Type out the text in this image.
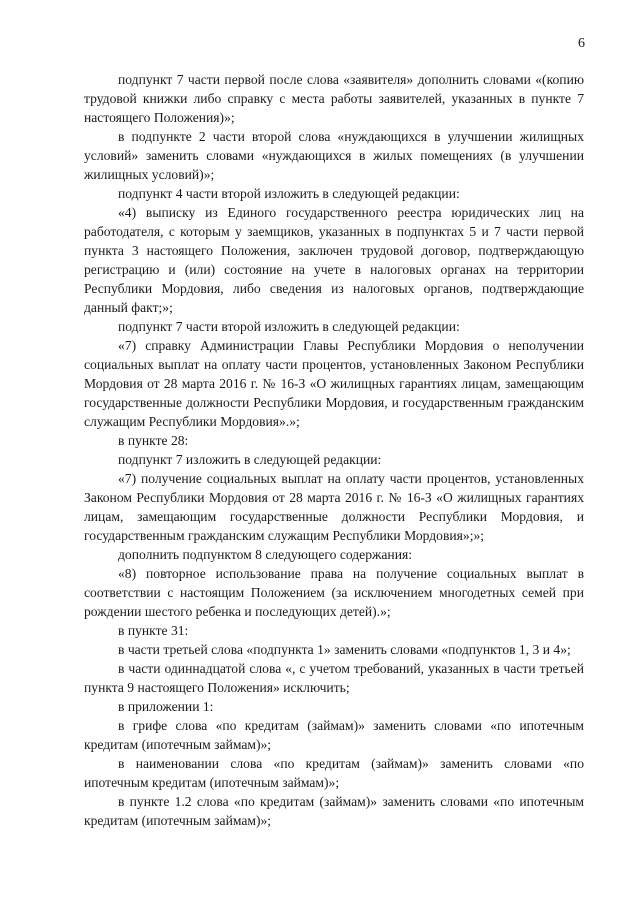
6

подпункт 7 части первой после слова «заявителя» дополнить словами «(копию трудовой книжки либо справку с места работы заявителей, указанных в пункте 7 настоящего Положения)»;

в подпункте 2 части второй слова «нуждающихся в улучшении жилищных условий» заменить словами «нуждающихся в жилых помещениях (в улучшении жилищных условий)»;

подпункт 4 части второй изложить в следующей редакции:

«4) выписку из Единого государственного реестра юридических лиц на работодателя, с которым у заемщиков, указанных в подпунктах 5 и 7 части первой пункта 3 настоящего Положения, заключен трудовой договор, подтверждающую регистрацию и (или) состояние на учете в налоговых органах на территории Республики Мордовия, либо сведения из налоговых органов, подтверждающие данный факт;»;

подпункт 7 части второй изложить в следующей редакции:

«7) справку Администрации Главы Республики Мордовия о неполучении социальных выплат на оплату части процентов, установленных Законом Республики Мордовия от 28 марта 2016 г. № 16-З «О жилищных гарантиях лицам, замещающим государственные должности Республики Мордовия, и государственным гражданским служащим Республики Мордовия».»;

в пункте 28:

подпункт 7 изложить в следующей редакции:

«7) получение социальных выплат на оплату части процентов, установленных Законом Республики Мордовия от 28 марта 2016 г. № 16-З «О жилищных гарантиях лицам, замещающим государственные должности Республики Мордовия, и государственным гражданским служащим Республики Мордовия»;»;

дополнить подпунктом 8 следующего содержания:

«8) повторное использование права на получение социальных выплат в соответствии с настоящим Положением (за исключением многодетных семей при рождении шестого ребенка и последующих детей).»;

в пункте 31:

в части третьей слова «подпункта 1» заменить словами «подпунктов 1, 3 и 4»;

в части одиннадцатой слова «, с учетом требований, указанных в части третьей пункта 9 настоящего Положения» исключить;

в приложении 1:

в грифе слова «по кредитам (займам)» заменить словами «по ипотечным кредитам (ипотечным займам)»;

в наименовании слова «по кредитам (займам)» заменить словами «по ипотечным кредитам (ипотечным займам)»;

в пункте 1.2 слова «по кредитам (займам)» заменить словами «по ипотечным кредитам (ипотечным займам)»;
